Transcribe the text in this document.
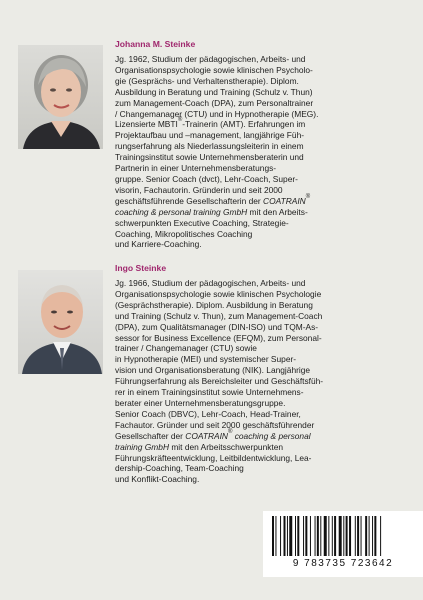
Johanna M. Steinke

Jg. 1962, Studium der pädagogischen, Arbeits- und

Organisationspsychologie sowie klinischen Psycholo-

gie (Gesprächs- und Verhaltenstherapie). Diplom.

Ausbildung in Beratung und Training (Schulz v. Thun)

zum Management-Coach (DPA), zum Personaltrainer

/ Changemanager (CTU) und in Hypnotherapie (MEG).

Lizensierte MBTI®-Trainerin (AMT). Erfahrungen im

Projektaufbau und –management, langjährige Füh-

rungserfahrung als Niederlassungsleiterin in einem

Trainingsinstitut sowie Unternehmensberaterin und

Partnerin in einer Unternehmensberatungs-

gruppe. Senior Coach (dvct), Lehr-Coach, Super-

visorin, Fachautorin. Gründerin und seit 2000

geschäftsführende Gesellschafterin der COATRAIN®

coaching & personal training GmbH mit den Arbeits-

schwerpunkten Executive Coaching, Strategie-

Coaching, Mikropolitisches Coaching

und Karriere-Coaching.

Ingo Steinke

Jg. 1966, Studium der pädagogischen, Arbeits- und

Organisationspsychologie sowie klinischen Psychologie

(Gesprächstherapie). Diplom. Ausbildung in Beratung

und Training (Schulz v. Thun), zum Management-Coach

(DPA), zum Qualitätsmanager (DIN-ISO) und TQM-As-

sessor for Business Excellence (EFQM), zum Personal-

trainer / Changemanager (CTU) sowie

in Hypnotherapie (MEI) und systemischer Super-

vision und Organisationsberatung (NIK). Langjährige

Führungserfahrung als Bereichsleiter und Geschäftsfüh-

rer in einem Trainingsinstitut sowie Unternehmens-

berater einer Unternehmensberatungsgruppe.

Senior Coach (DBVC), Lehr-Coach, Head-Trainer,

Fachautor. Gründer und seit 2000 geschäftsführender

Gesellschafter der COATRAIN® coaching & personal

training GmbH mit den Arbeitsschwerpunkten

Führungskräfteentwicklung, Leitbildentwicklung, Lea-

dership-Coaching, Team-Coaching

und Konflikt-Coaching.

9 783735 723642
